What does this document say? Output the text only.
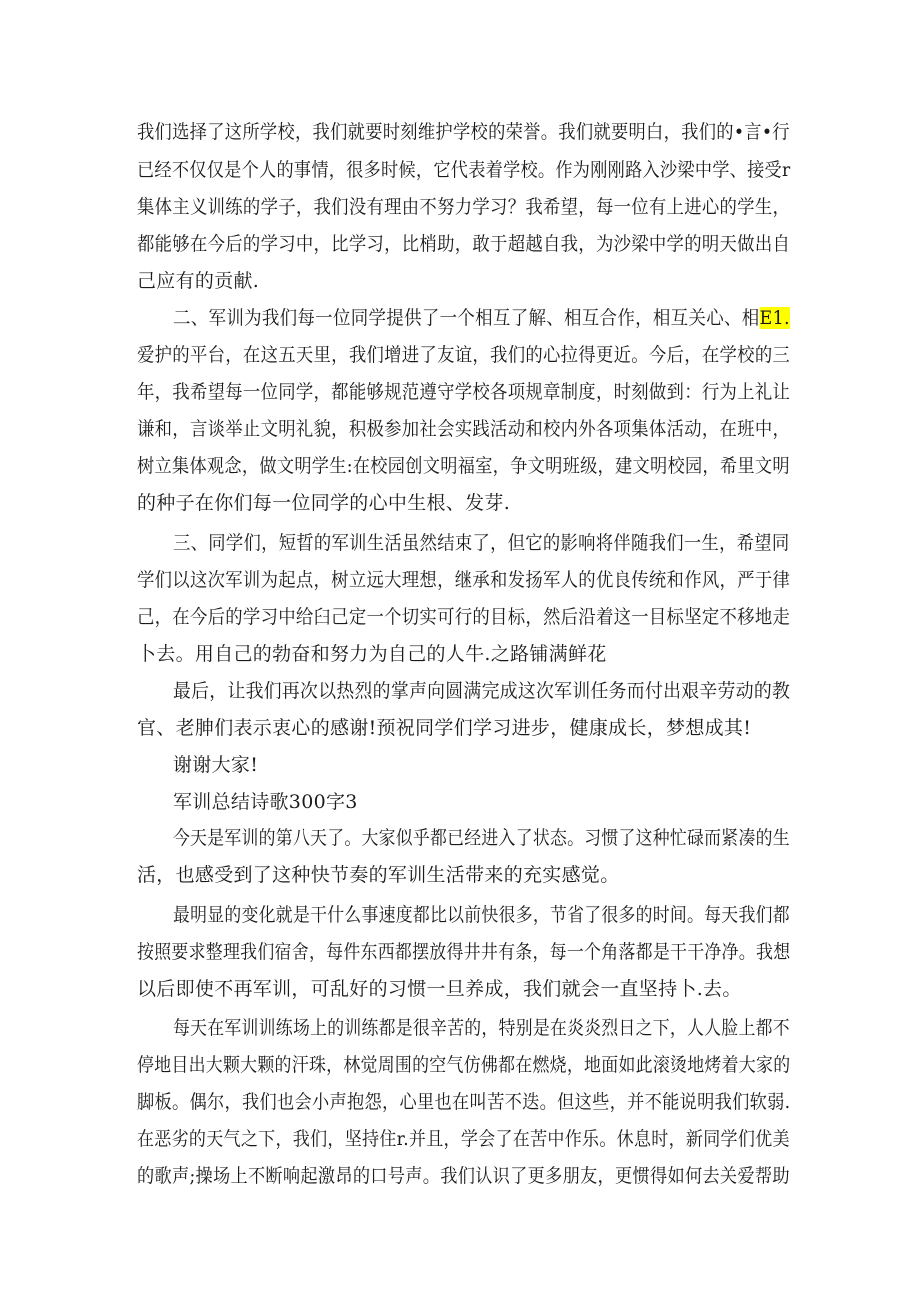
我们选择了这所学校，我们就要时刻维护学校的荣誉。我们就要明白，我们的•言•行
已经不仅仅是个人的事情，很多时候，它代表着学校。作为刚刚路入沙梁中学、接受r
集体主义训练的学子，我们没有理由不努力学习？我希望，每一位有上进心的学生，
都能够在今后的学习中，比学习，比梢助，敢于超越自我，为沙梁中学的明天做出自
己应有的贡献.
二、军训为我们每一位同学提供了一个相互了解、相互合作，相互关心、相E1.
爱护的平台，在这五天里，我们增进了友谊，我们的心拉得更近。今后，在学校的三
年，我希望每一位同学，都能够规范遵守学校各项规章制度，时刻做到：行为上礼让
谦和，言谈举止文明礼貌，积极参加社会实践活动和校内外各项集体活动，在班中，
树立集体观念，做文明学生:在校园创文明福室，争文明班级，建文明校园，希里文明
的种子在你们每一位同学的心中生根、发芽.
三、同学们，短晢的军训生活虽然结束了，但它的影响将伴随我们一生，希望同
学们以这次军训为起点，树立远大理想，继承和发扬军人的优良传统和作风，严于律
己，在今后的学习中给臼己定一个切实可行的目标，然后沿着这一目标坚定不移地走
卜去。用自己的勃奋和努力为自己的人牛.之路铺满鲜花
最后，让我们再次以热烈的掌声向圆满完成这次军训任务而付出艰辛劳动的教
官、老胂们表示衷心的感谢!预祝同学们学习进步，健康成长，梦想成其!
谢谢大家!
军训总结诗歌300字3
今天是军训的第八天了。大家似乎都已经进入了状态。习惯了这种忙碌而紧凑的生
活，也感受到了这种快节奏的军训生活带来的充实感觉。
最明显的变化就是干什么事速度都比以前快很多，节省了很多的时间。每天我们都
按照要求整理我们宿舍，每件东西都摆放得井井有条，每一个角落都是干干净净。我想
以后即使不再军训，可乱好的习惯一旦养成，我们就会一直坚持卜.去。
每天在军训训练场上的训练都是很辛苦的，特别是在炎炎烈日之下，人人脸上都不
停地目出大颗大颗的汗珠，林觉周围的空气仿佛都在燃烧，地面如此滚烫地烤着大家的
脚板。偶尔，我们也会小声抱怨，心里也在叫苦不迭。但这些，并不能说明我们软弱.
在恶劣的天气之下，我们，坚持住r.并且，学会了在苦中作乐。休息时，新同学们优美
的歌声;操场上不断响起激昂的口号声。我们认识了更多朋友，更惯得如何去关爱帮助
